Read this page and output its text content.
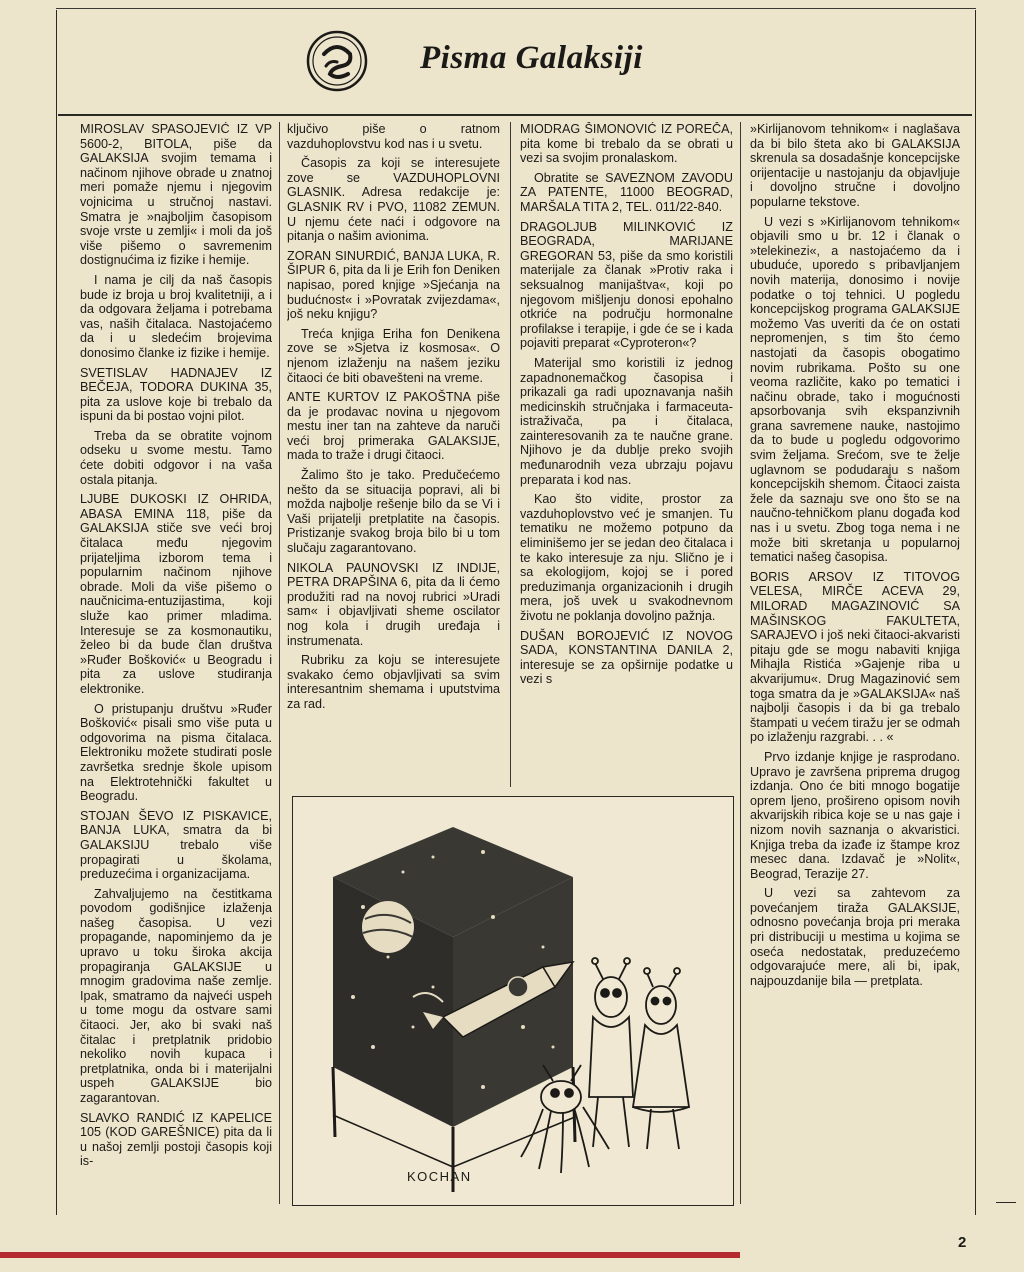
Pisma Galaksiji

MIROSLAV SPASOJEVIĆ IZ VP 5600-2, BITOLA, piše da GALAKSIJA svojim temama i načinom njihove obrade u znatnoj meri pomaže njemu i njegovim vojnicima u stručnoj nastavi. Smatra je »najboljim časopisom svoje vrste u zemlji« i moli da još više pišemo o savremenim dostignućima iz fizike i hemije.

I nama je cilj da naš časopis bude iz broja u broj kvalitetniji, a i da odgovara željama i potrebama vas, naših čitalaca. Nastojaćemo da i u sledećim brojevima donosimo članke iz fizike i hemije.

SVETISLAV HADNAJEV IZ BEČEJA, TODORA DUKINA 35, pita za uslove koje bi trebalo da ispuni da bi postao vojni pilot.

Treba da se obratite vojnom odseku u svome mestu. Tamo ćete dobiti odgovor i na vaša ostala pitanja.

LJUBE DUKOSKI IZ OHRIDA, ABASA EMINA 118, piše da GALAKSIJA stiče sve veći broj čitalaca među njegovim prijateljima izborom tema i popularnim načinom njihove obrade. Moli da više pišemo o naučnicima-entuzijastima, koji služe kao primer mladima. Interesuje se za kosmonautiku, želeo bi da bude član društva »Ruđer Bošković« u Beogradu i pita za uslove studiranja elektronike.

O pristupanju društvu »Ruđer Bošković« pisali smo više puta u odgovorima na pisma čitalaca. Elektroniku možete studirati posle završetka srednje škole upisom na Elektrotehnički fakultet u Beogradu.

STOJAN ŠEVO IZ PISKAVICE, BANJA LUKA, smatra da bi GALAKSIJU trebalo više propagirati u školama, preduzećima i organizacijama.

Zahvaljujemo na čestitkama povodom godišnjice izlaženja našeg časopisa. U vezi propagande, napominjemo da je upravo u toku široka akcija propagiranja GALAKSIJE u mnogim gradovima naše zemlje. Ipak, smatramo da najveći uspeh u tome mogu da ostvare sami čitaoci. Jer, ako bi svaki naš čitalac i pretplatnik pridobio nekoliko novih kupaca i pretplatnika, onda bi i materijalni uspeh GALAKSIJE bio zagarantovan.

SLAVKO RANDIĆ IZ KAPELICE 105 (KOD GAREŠNICE) pita da li u našoj zemlji postoji časopis koji is-

ključivo piše o ratnom vazduhoplovstvu kod nas i u svetu.

Časopis za koji se interesujete zove se VAZDUHOPLOVNI GLASNIK. Adresa redakcije je: GLASNIK RV i PVO, 11082 ZEMUN. U njemu ćete naći i odgovore na pitanja o našim avionima.

ZORAN SINURDIĆ, BANJA LUKA, R. ŠIPUR 6, pita da li je Erih fon Deniken napisao, pored knjige »Sjećanja na budućnost« i »Povratak zvijezdama«, još neku knjigu?

Treća knjiga Eriha fon Denikena zove se »Sjetva iz kosmosa«. O njenom izlaženju na našem jeziku čitaoci će biti obavešteni na vreme.

ANTE KURTOV IZ PAKOŠTNA piše da je prodavac novina u njegovom mestu iner tan na zahteve da naruči veći broj primeraka GALAKSIJE, mada to traže i drugi čitaoci.

Žalimo što je tako. Predučećemo nešto da se situacija popravi, ali bi možda najbolje rešenje bilo da se Vi i Vaši prijatelji pretplatite na časopis. Pristizanje svakog broja bilo bi u tom slučaju zagarantovano.

NIKOLA PAUNOVSKI IZ INDIJE, PETRA DRAPŠINA 6, pita da li ćemo produžiti rad na novoj rubrici »Uradi sam« i objavljivati sheme oscilator nog kola i drugih uređaja i instrumenata.

Rubriku za koju se interesujete svakako ćemo objavljivati sa svim interesantnim shemama i uputstvima za rad.

MIODRAG ŠIMONOVIĆ IZ POREČA, pita kome bi trebalo da se obrati u vezi sa svojim pronalaskom.

Obratite se SAVEZNOM ZAVODU ZA PATENTE, 11000 BEOGRAD, MARŠALA TITA 2, TEL. 011/22-840.

DRAGOLJUB MILINKOVIĆ IZ BEOGRADA, MARIJANE GREGORAN 53, piše da smo koristili materijale za članak »Protiv raka i seksualnog manijaštva«, koji po njegovom mišljenju donosi epohalno otkriće na području hormonalne profilakse i terapije, i gde će se i kada pojaviti preparat «Cyproteron«?

Materijal smo koristili iz jednog zapadnonemačkog časopisa i prikazali ga radi upoznavanja naših medicinskih stručnjaka i farmaceuta-istraživača, pa i čitalaca, zainteresovanih za te naučne grane. Njihovo je da dublje preko svojih međunarodnih veza ubrzaju pojavu preparata i kod nas.

Kao što vidite, prostor za vazduhoplovstvo već je smanjen. Tu tematiku ne možemo potpuno da eliminišemo jer se jedan deo čitalaca i te kako interesuje za nju. Slično je i sa ekologijom, kojoj se i pored preduzimanja organizacionih i drugih mera, još uvek u svakodnevnom životu ne poklanja dovoljno pažnja.

DUŠAN BOROJEVIĆ IZ NOVOG SADA, KONSTANTINA DANILA 2, interesuje se za opširnije podatke u vezi s

»Kirlijanovom tehnikom« i naglašava da bi bilo šteta ako bi GALAKSIJA skrenula sa dosadašnje koncepcijske orijentacije u nastojanju da objavljuje i dovoljno stručne i dovoljno popularne tekstove.

U vezi s »Kirlijanovom tehnikom« objavili smo u br. 12 i članak o »telekinezi«, a nastojaćemo da i ubuduće, uporedo s pribavljanjem novih materija, donosimo i novije podatke o toj tehnici. U pogledu koncepcijskog programa GALAKSIJE možemo Vas uveriti da će on ostati nepromenjen, s tim što ćemo nastojati da časopis obogatimo novim rubrikama. Pošto su one veoma različite, kako po tematici i načinu obrade, tako i mogućnosti apsorbovanja svih ekspanzivnih grana savremene nauke, nastojimo da to bude u pogledu odgovorimo svim željama. Srećom, sve te želje uglavnom se podudaraju s našom koncepcijskih shemom. Čitaoci zaista žele da saznaju sve ono što se na naučno-tehničkom planu događa kod nas i u svetu. Zbog toga nema i ne može biti skretanja u popularnoj tematici našeg časopisa.

BORIS ARSOV IZ TITOVOG VELESA, MIRČE ACEVA 29, MILORAD MAGAZINOVIĆ SA MAŠINSKOG FAKULTETA, SARAJEVO i još neki čitaoci-akvaristi pitaju gde se mogu nabaviti knjiga Mihajla Ristića »Gajenje riba u akvarijumu«. Drug Magazinović sem toga smatra da je »GALAKSIJA« naš najbolji časopis i da bi ga trebalo štampati u većem tiražu jer se odmah po izlaženju razgrabi. . . «

Prvo izdanje knjige je rasprodano. Upravo je završena priprema drugog izdanja. Ono će biti mnogo bogatije oprem ljeno, prošireno opisom novih akvarijskih ribica koje se u nas gaje i nizom novih saznanja o akvaristici. Knjiga treba da izađe iz štampe kroz mesec dana. Izdavač je »Nolit«, Beograd, Terazije 27.

U vezi sa zahtevom za povećanjem tiraža GALAKSIJE, odnosno povećanja broja pri meraka pri distribuciji u mestima u kojima se oseća nedostatak, preduzećemo odgovarajuće mere, ali bi, ipak, najpouzdanije bila — pretplata.

KOCHAN
2
